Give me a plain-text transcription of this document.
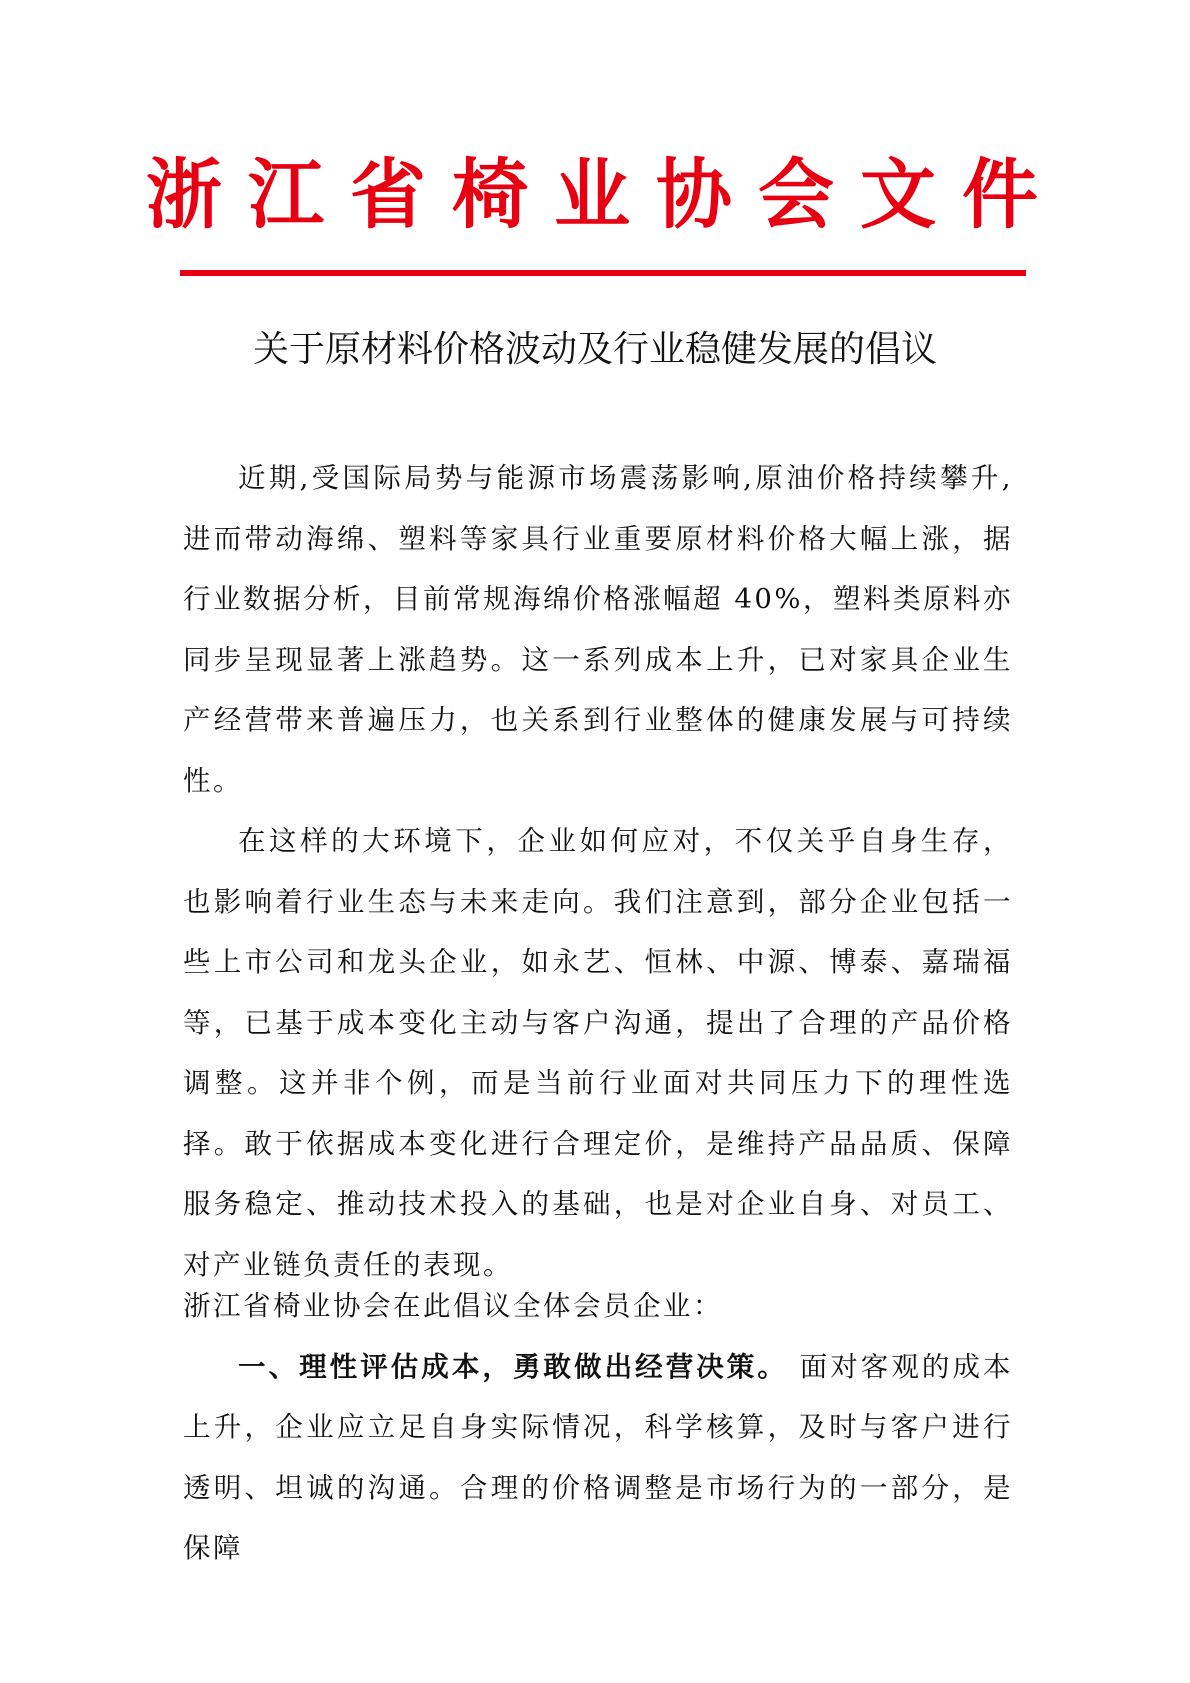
浙江省椅业协会文件
关于原材料价格波动及行业稳健发展的倡议

近期,受国际局势与能源市场震荡影响,原油价格持续攀升,进而带动海绵、塑料等家具行业重要原材料价格大幅上涨，据行业数据分析，目前常规海绵价格涨幅超 40%，塑料类原料亦同步呈现显著上涨趋势。这一系列成本上升，已对家具企业生产经营带来普遍压力，也关系到行业整体的健康发展与可持续性。

在这样的大环境下，企业如何应对，不仅关乎自身生存，也影响着行业生态与未来走向。我们注意到，部分企业包括一些上市公司和龙头企业，如永艺、恒林、中源、博泰、嘉瑞福等，已基于成本变化主动与客户沟通，提出了合理的产品价格调整。这并非个例，而是当前行业面对共同压力下的理性选择。敢于依据成本变化进行合理定价，是维持产品品质、保障服务稳定、推动技术投入的基础，也是对企业自身、对员工、对产业链负责任的表现。

浙江省椅业协会在此倡议全体会员企业：

一、理性评估成本，勇敢做出经营决策。 面对客观的成本上升，企业应立足自身实际情况，科学核算，及时与客户进行透明、坦诚的沟通。合理的价格调整是市场行为的一部分，是保障
